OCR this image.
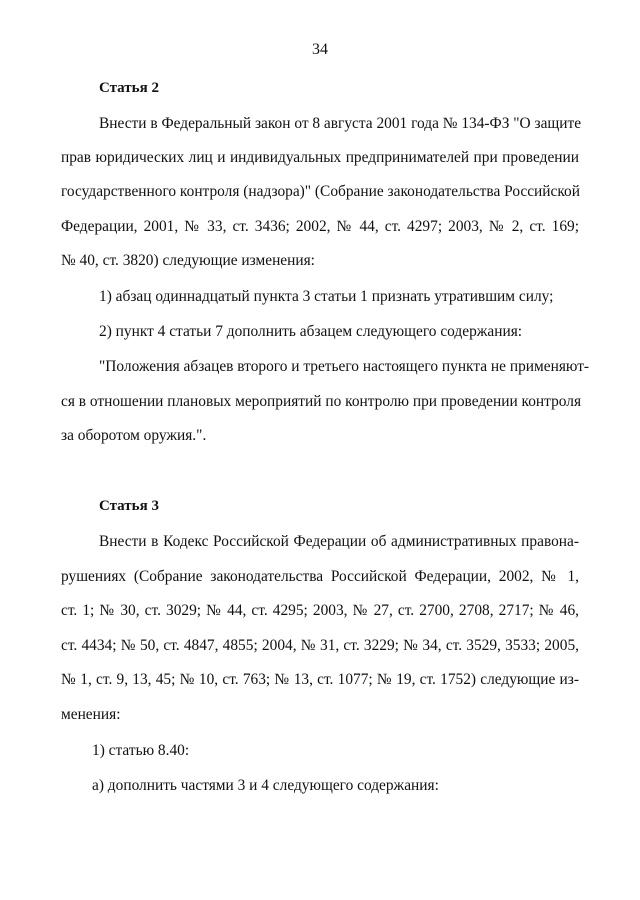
34
Статья 2
Внести в Федеральный закон от 8 августа 2001 года № 134-ФЗ "О защите
прав юридических лиц и индивидуальных предпринимателей при проведении
государственного контроля (надзора)" (Собрание законодательства Российской
Федерации, 2001, № 33, ст. 3436; 2002, № 44, ст. 4297; 2003, № 2, ст. 169;
№ 40, ст. 3820) следующие изменения:
1) абзац одиннадцатый пункта 3 статьи 1 признать утратившим силу;
2) пункт 4 статьи 7 дополнить абзацем следующего содержания:
"Положения абзацев второго и третьего настоящего пункта не применяют-
ся в отношении плановых мероприятий по контролю при проведении контроля
за оборотом оружия.".
Статья 3
Внести в Кодекс Российской Федерации об административных правона-
рушениях (Собрание законодательства Российской Федерации, 2002, № 1,
ст. 1; № 30, ст. 3029; № 44, ст. 4295; 2003, № 27, ст. 2700, 2708, 2717; № 46,
ст. 4434; № 50, ст. 4847, 4855; 2004, № 31, ст. 3229; № 34, ст. 3529, 3533; 2005,
№ 1, ст. 9, 13, 45; № 10, ст. 763; № 13, ст. 1077; № 19, ст. 1752) следующие из-
менения:
1) статью 8.40:
а) дополнить частями 3 и 4 следующего содержания:
